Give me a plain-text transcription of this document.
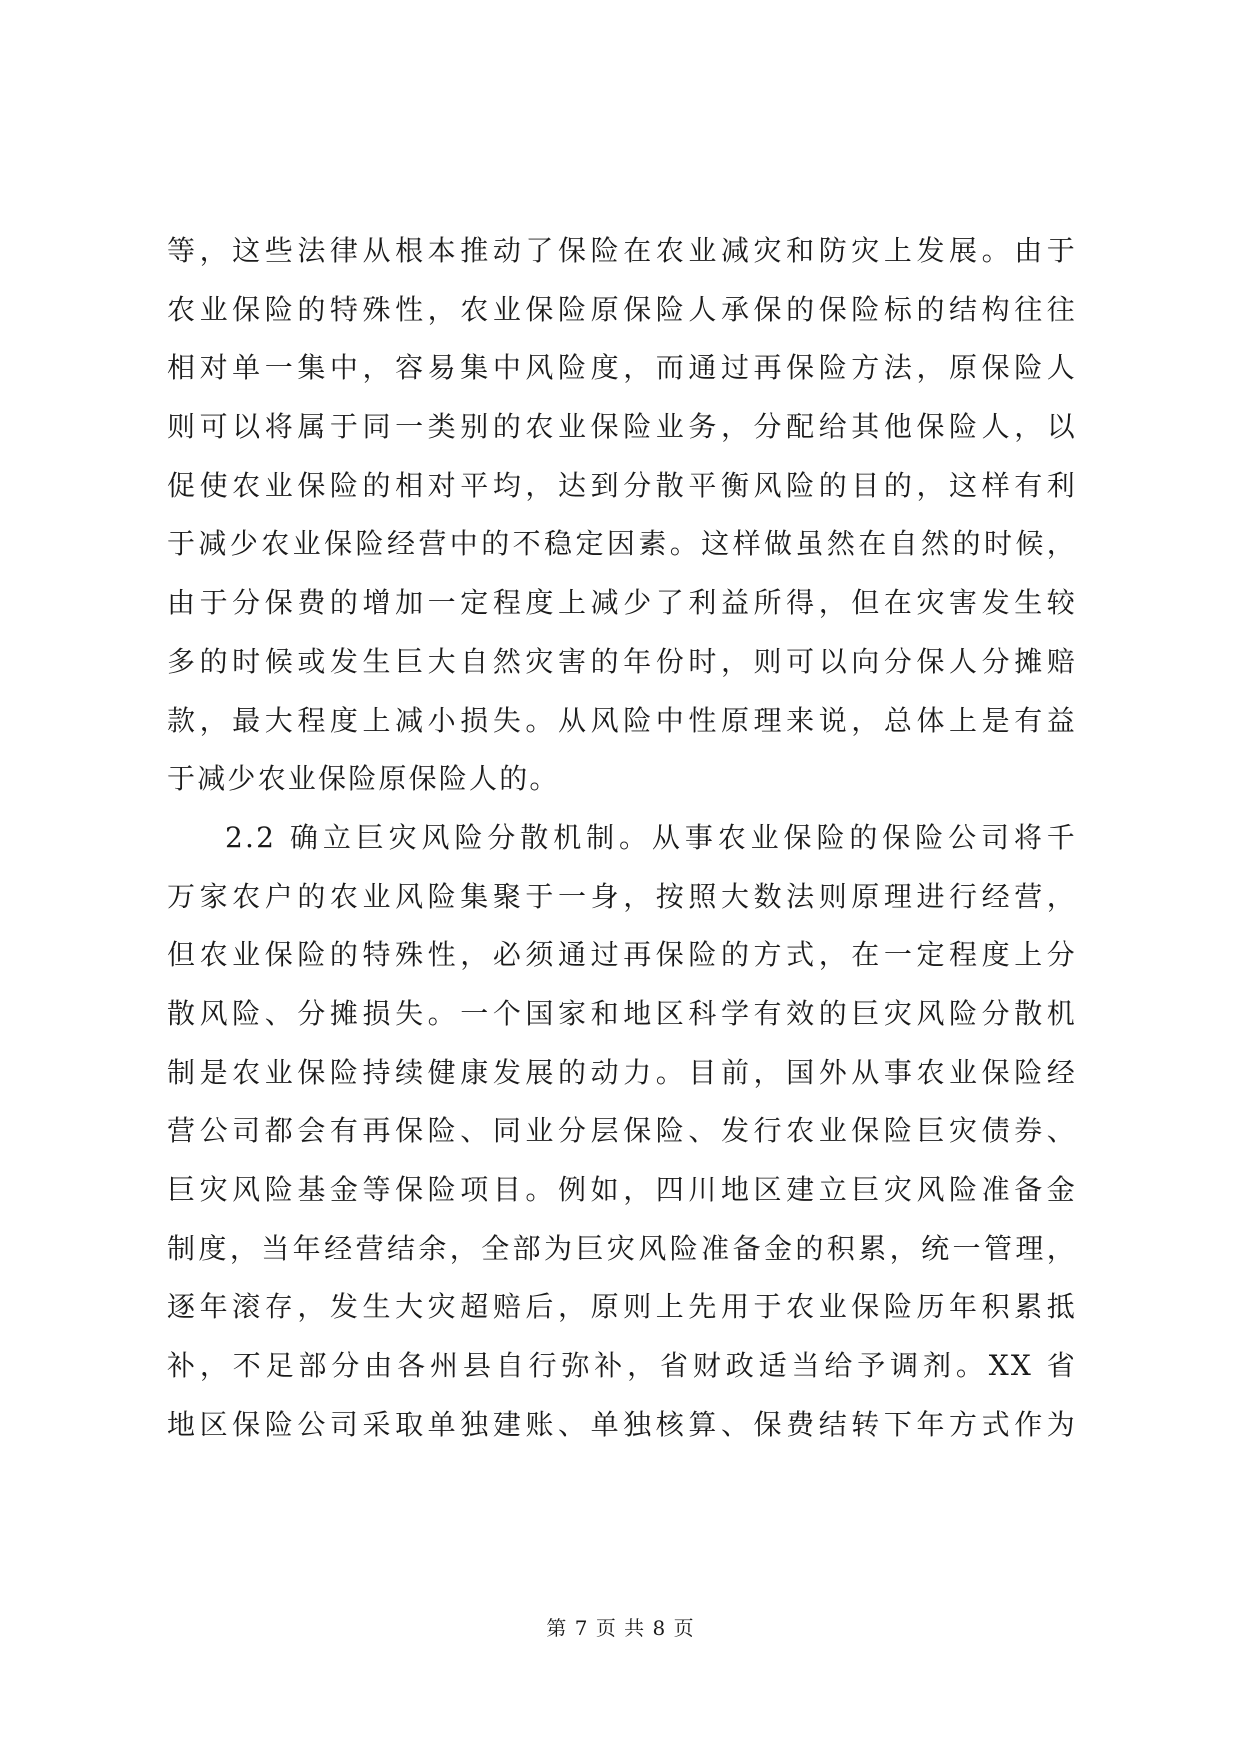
等，这些法律从根本推动了保险在农业减灾和防灾上发展。由于
农业保险的特殊性，农业保险原保险人承保的保险标的结构往往
相对单一集中，容易集中风险度，而通过再保险方法，原保险人
则可以将属于同一类别的农业保险业务，分配给其他保险人，以
促使农业保险的相对平均，达到分散平衡风险的目的，这样有利
于减少农业保险经营中的不稳定因素。这样做虽然在自然的时候，
由于分保费的增加一定程度上减少了利益所得，但在灾害发生较
多的时候或发生巨大自然灾害的年份时，则可以向分保人分摊赔
款，最大程度上减小损失。从风险中性原理来说，总体上是有益
于减少农业保险原保险人的。
2.2 确立巨灾风险分散机制。从事农业保险的保险公司将千
万家农户的农业风险集聚于一身，按照大数法则原理进行经营，
但农业保险的特殊性，必须通过再保险的方式，在一定程度上分
散风险、分摊损失。一个国家和地区科学有效的巨灾风险分散机
制是农业保险持续健康发展的动力。目前，国外从事农业保险经
营公司都会有再保险、同业分层保险、发行农业保险巨灾债券、
巨灾风险基金等保险项目。例如，四川地区建立巨灾风险准备金
制度，当年经营结余，全部为巨灾风险准备金的积累，统一管理，
逐年滚存，发生大灾超赔后，原则上先用于农业保险历年积累抵
补，不足部分由各州县自行弥补，省财政适当给予调剂。XX 省
地区保险公司采取单独建账、单独核算、保费结转下年方式作为
第 7 页 共 8 页
